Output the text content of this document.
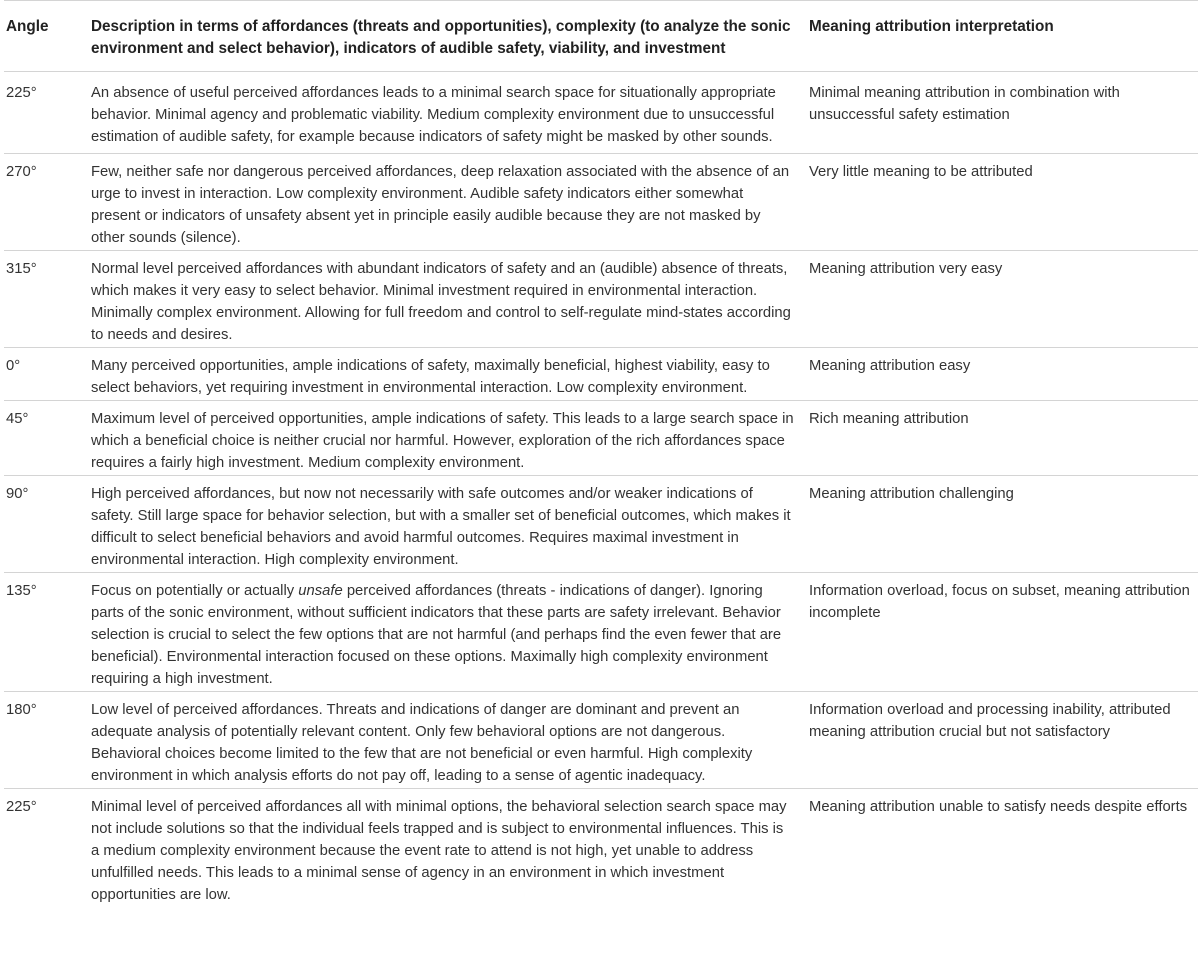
Angle	Description in terms of affordances (threats and opportunities), complexity (to analyze the sonic environment and select behavior), indicators of audible safety, viability, and investment	Meaning attribution interpretation
225°	An absence of useful perceived affordances leads to a minimal search space for situationally appropriate behavior. Minimal agency and problematic viability. Medium complexity environment due to unsuccessful estimation of audible safety, for example because indicators of safety might be masked by other sounds.	Minimal meaning attribution in combination with unsuccessful safety estimation
270°	Few, neither safe nor dangerous perceived affordances, deep relaxation associated with the absence of an urge to invest in interaction. Low complexity environment. Audible safety indicators either somewhat present or indicators of unsafety absent yet in principle easily audible because they are not masked by other sounds (silence).	Very little meaning to be attributed
315°	Normal level perceived affordances with abundant indicators of safety and an (audible) absence of threats, which makes it very easy to select behavior. Minimal investment required in environmental interaction. Minimally complex environment. Allowing for full freedom and control to self-regulate mind-states according to needs and desires.	Meaning attribution very easy
0°	Many perceived opportunities, ample indications of safety, maximally beneficial, highest viability, easy to select behaviors, yet requiring investment in environmental interaction. Low complexity environment.	Meaning attribution easy
45°	Maximum level of perceived opportunities, ample indications of safety. This leads to a large search space in which a beneficial choice is neither crucial nor harmful. However, exploration of the rich affordances space requires a fairly high investment. Medium complexity environment.	Rich meaning attribution
90°	High perceived affordances, but now not necessarily with safe outcomes and/or weaker indications of safety. Still large space for behavior selection, but with a smaller set of beneficial outcomes, which makes it difficult to select beneficial behaviors and avoid harmful outcomes. Requires maximal investment in environmental interaction. High complexity environment.	Meaning attribution challenging
135°	Focus on potentially or actually unsafe perceived affordances (threats - indications of danger). Ignoring parts of the sonic environment, without sufficient indicators that these parts are safety irrelevant. Behavior selection is crucial to select the few options that are not harmful (and perhaps find the even fewer that are beneficial). Environmental interaction focused on these options. Maximally high complexity environment requiring a high investment.	Information overload, focus on subset, meaning attribution incomplete
180°	Low level of perceived affordances. Threats and indications of danger are dominant and prevent an adequate analysis of potentially relevant content. Only few behavioral options are not dangerous. Behavioral choices become limited to the few that are not beneficial or even harmful. High complexity environment in which analysis efforts do not pay off, leading to a sense of agentic inadequacy.	Information overload and processing inability, attributed meaning attribution crucial but not satisfactory
225°	Minimal level of perceived affordances all with minimal options, the behavioral selection search space may not include solutions so that the individual feels trapped and is subject to environmental influences. This is a medium complexity environment because the event rate to attend is not high, yet unable to address unfulfilled needs. This leads to a minimal sense of agency in an environment in which investment opportunities are low.	Meaning attribution unable to satisfy needs despite efforts
